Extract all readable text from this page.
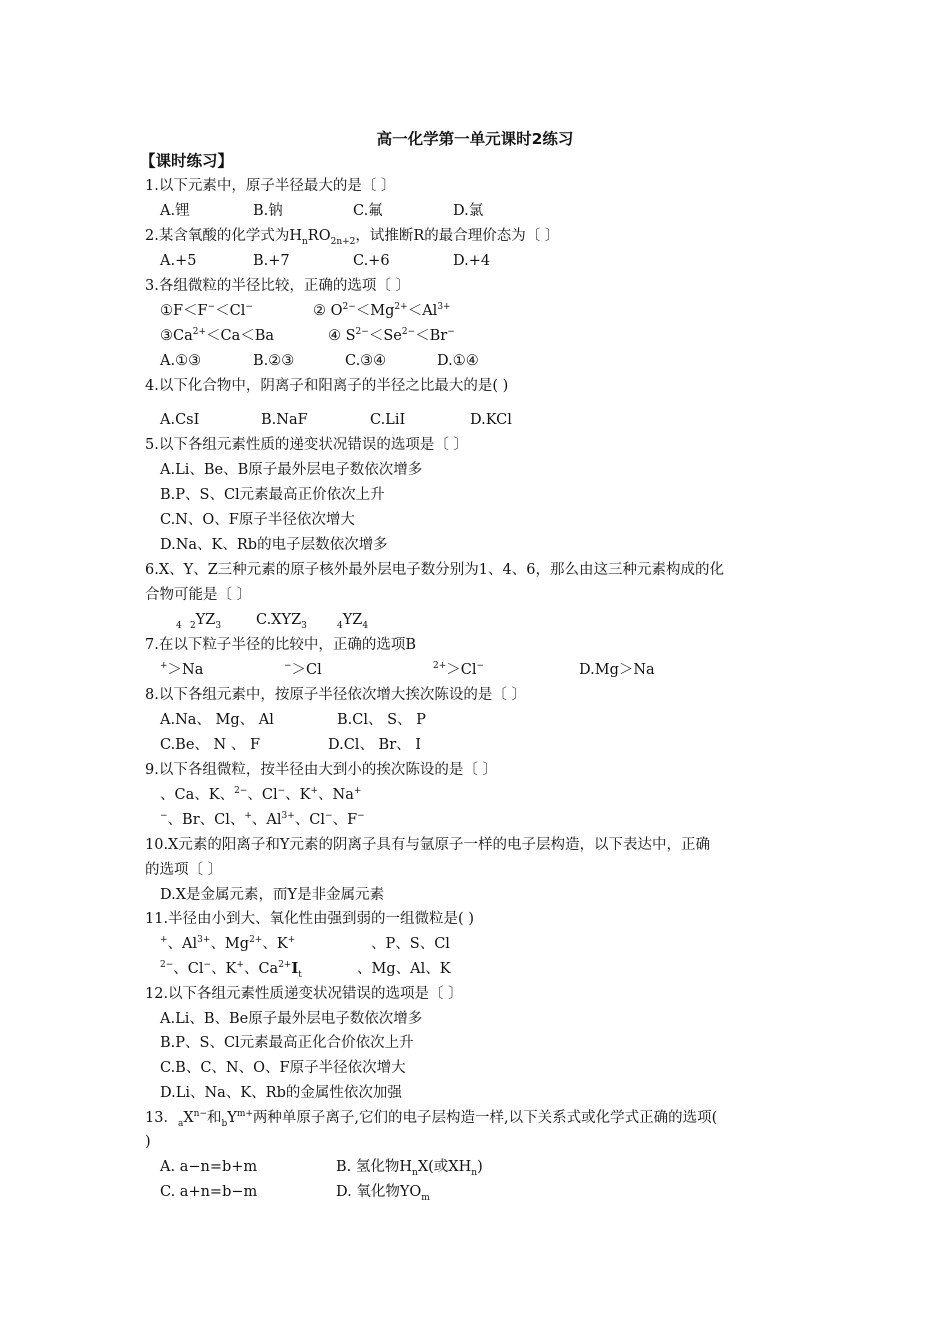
高一化学第一单元课时2练习
【课时练习】
1.以下元素中，原子半径最大的是〔 〕
A.锂	B.钠	C.氟	D.氯
2.某含氧酸的化学式为$H_nRO_{2n+2}$，试推断R的最合理价态为〔 〕
A.+5	B.+7	C.+6	D.+4
3.各组微粒的半径比较，正确的选项〔 〕
①F＜F−＜Cl−	② $O^{2-}<Mg^{2+}<Al^{3+}$
$③Ca^{2+}<Ca<Ba$	④ $S^{2-}<Se^{2-}<Br^-$
A.①③	B.②③	C.③④	D.①④
4.以下化合物中，阴离子和阳离子的半径之比最大的是( )
A.CsI	B.NaF	C.LiI	D.KCl
5.以下各组元素性质的递变状况错误的选项是〔 〕
A.Li、Be、B原子最外层电子数依次增多
B.P、S、Cl元素最高正价依次上升
C.N、O、F原子半径依次增大
D.Na、K、Rb的电子层数依次增多
6.X、Y、Z三种元素的原子核外最外层电子数分别为1、4、6，那么由这三种元素构成的化
合物可能是〔 〕
$_4$ $_2YZ_3$ $C.XYZ_3$	$_4YZ_4$
7.在以下粒子半径的比较中，正确的选项B
+＞Na	−＞Cl	$^{2+}$＞Cl−	D.Mg＞Na
8.以下各组元素中，按原子半径依次增大挨次陈设的是〔 〕
A.Na、 Mg、 Al	B.Cl、 S、 P
C.Be、 N 、 F	D.Cl、 Br、 I
9.以下各组微粒，按半径由大到小的挨次陈设的是〔 〕
、Ca、K、$^{2-}$、Cl−、K+、Na+
−、Br、Cl、+、$Al^{3+}$、Cl−、F−
10.X元素的阳离子和Y元素的阴离子具有与氩原子一样的电子层构造，以下表达中，正确
的选项〔 〕
D.X是金属元素，而Y是非金属元素
11.半径由小到大、氧化性由强到弱的一组微粒是( )
+、$Al^{3+}$、$Mg^{2+}$、K+	、P、S、Cl
$^{2-}$、Cl−、K+、$Ca^{2+}I_t$	、Mg、Al、K
12.以下各组元素性质递变状况错误的选项是〔 〕
A.Li、B、Be原子最外层电子数依次增多
B.P、S、Cl元素最高正化合价依次上升
C.B、C、N、O、F原子半径依次增大
D.Li、Na、K、Rb的金属性依次加强
13．$_aX^{n-}$和$_bY^{m+}$两种单原子离子,它们的电子层构造一样,以下关系式或化学式正确的选项(
)
A. a−n=b+m	B. 氢化物$H_nX$(或$XH_n$)
C. a+n=b−m	D. 氧化物$YO_m$
